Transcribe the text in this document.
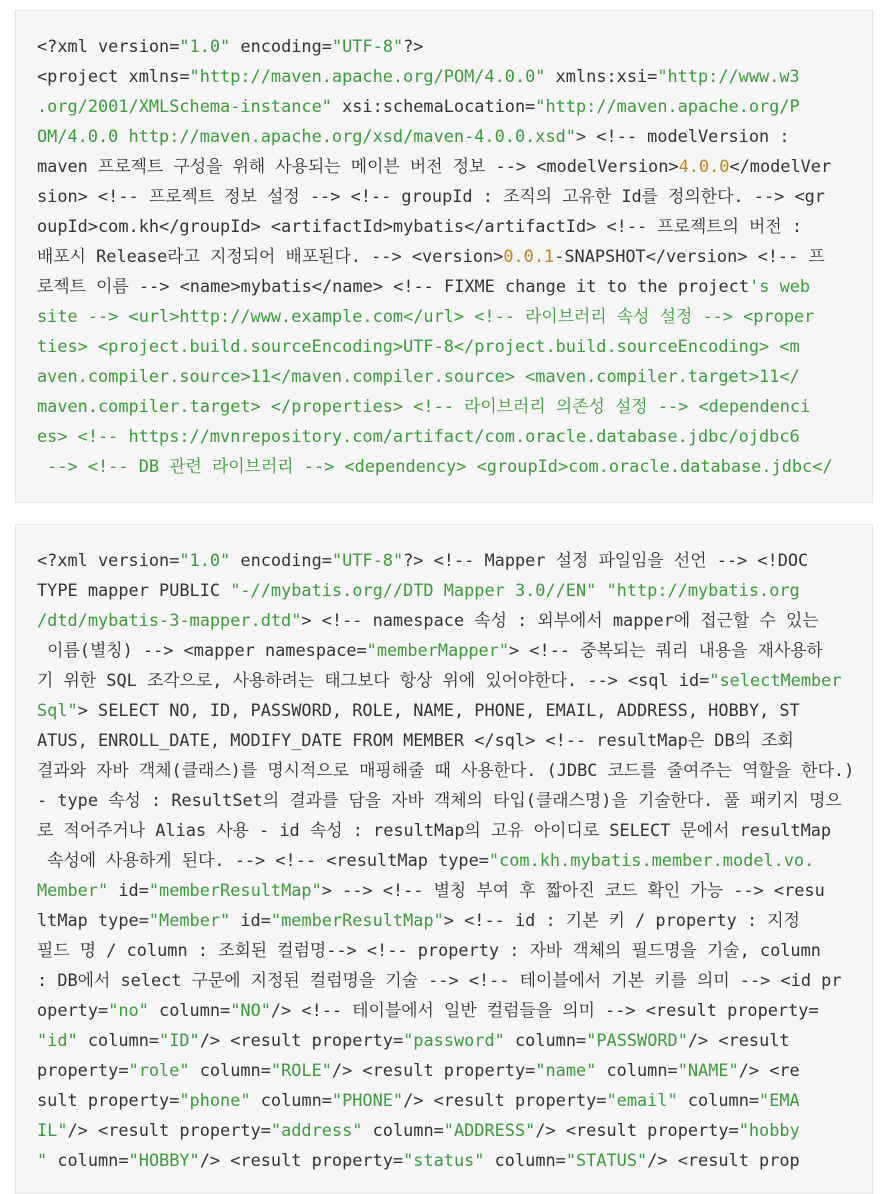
<?xml version="1.0" encoding="UTF-8"?>
<project xmlns="http://maven.apache.org/POM/4.0.0" xmlns:xsi="http://www.w3
.org/2001/XMLSchema-instance" xsi:schemaLocation="http://maven.apache.org/P
OM/4.0.0 http://maven.apache.org/xsd/maven-4.0.0.xsd"> <!-- modelVersion :
maven 프로젝트 구성을 위해 사용되는 메이븐 버전 정보 --> <modelVersion>4.0.0</modelVer
sion> <!-- 프로젝트 정보 설정 --> <!-- groupId : 조직의 고유한 Id를 정의한다. --> <gr
oupId>com.kh</groupId> <artifactId>mybatis</artifactId> <!-- 프로젝트의 버전 :
배포시 Release라고 지정되어 배포된다. --> <version>0.0.1-SNAPSHOT</version> <!-- 프
로젝트 이름 --> <name>mybatis</name> <!-- FIXME change it to the project's web
site --> <url>http://www.example.com</url> <!-- 라이브러리 속성 설정 --> <proper
ties> <project.build.sourceEncoding>UTF-8</project.build.sourceEncoding> <m
aven.compiler.source>11</maven.compiler.source> <maven.compiler.target>11</
maven.compiler.target> </properties> <!-- 라이브러리 의존성 설정 --> <dependenci
es> <!-- https://mvnrepository.com/artifact/com.oracle.database.jdbc/ojdbc6
--> <!-- DB 관련 라이브러리 --> <dependency> <groupId>com.oracle.database.jdbc</
<?xml version="1.0" encoding="UTF-8"?> <!-- Mapper 설정 파일임을 선언 --> <!DOC
TYPE mapper PUBLIC "-//mybatis.org//DTD Mapper 3.0//EN" "http://mybatis.org
/dtd/mybatis-3-mapper.dtd"> <!-- namespace 속성 : 외부에서 mapper에 접근할 수 있는
이름(별칭) --> <mapper namespace="memberMapper"> <!-- 중복되는 쿼리 내용을 재사용하
기 위한 SQL 조각으로, 사용하려는 태그보다 항상 위에 있어야한다. --> <sql id="selectMember
Sql"> SELECT NO, ID, PASSWORD, ROLE, NAME, PHONE, EMAIL, ADDRESS, HOBBY, ST
ATUS, ENROLL_DATE, MODIFY_DATE FROM MEMBER </sql> <!-- resultMap은 DB의 조회
결과와 자바 객체(클래스)를 명시적으로 매핑해줄 때 사용한다. (JDBC 코드를 줄여주는 역할을 한다.)
- type 속성 : ResultSet의 결과를 담을 자바 객체의 타입(클래스명)을 기술한다. 풀 패키지 명으
로 적어주거나 Alias 사용 - id 속성 : resultMap의 고유 아이디로 SELECT 문에서 resultMap
속성에 사용하게 된다. --> <!-- <resultMap type="com.kh.mybatis.member.model.vo.
Member" id="memberResultMap"> --> <!-- 별칭 부여 후 짧아진 코드 확인 가능 --> <resu
ltMap type="Member" id="memberResultMap"> <!-- id : 기본 키 / property : 지정
필드 명 / column : 조회된 컬럼명--> <!-- property : 자바 객체의 필드명을 기술, column
: DB에서 select 구문에 지정된 컬럼명을 기술 --> <!-- 테이블에서 기본 키를 의미 --> <id pr
operty="no" column="NO"/> <!-- 테이블에서 일반 컬럼들을 의미 --> <result property=
"id" column="ID"/> <result property="password" column="PASSWORD"/> <result
property="role" column="ROLE"/> <result property="name" column="NAME"/> <re
sult property="phone" column="PHONE"/> <result property="email" column="EMA
IL"/> <result property="address" column="ADDRESS"/> <result property="hobby
" column="HOBBY"/> <result property="status" column="STATUS"/> <result prop
